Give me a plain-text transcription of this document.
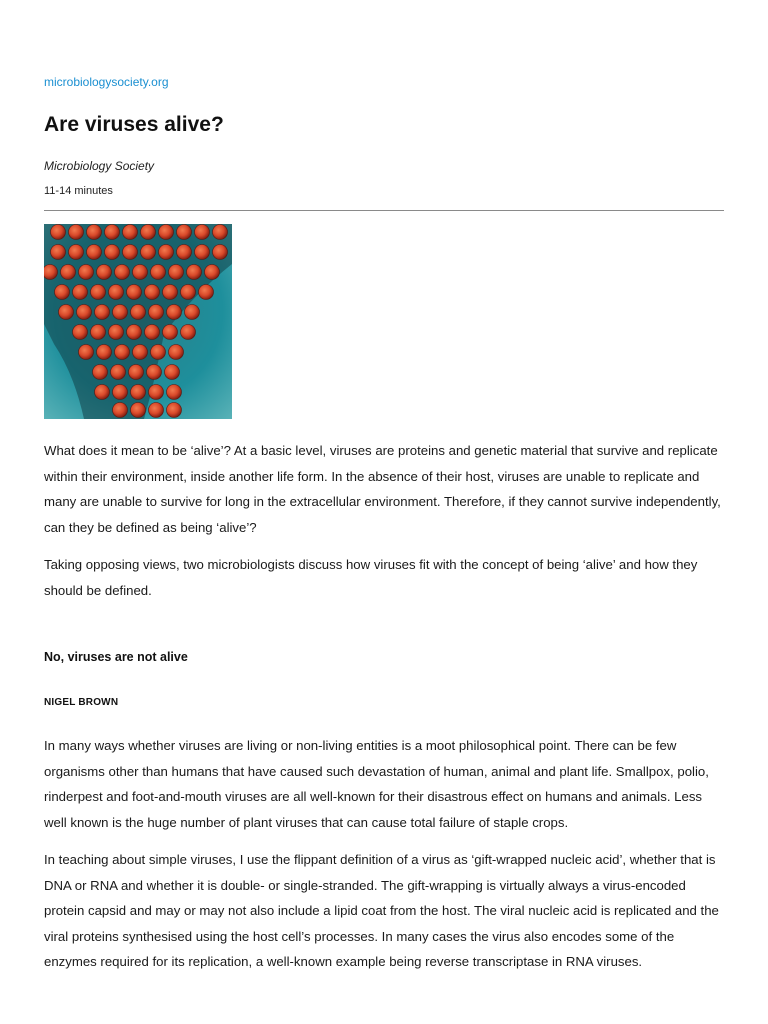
microbiologysociety.org
Are viruses alive?
Microbiology Society
11-14 minutes

What does it mean to be ‘alive’? At a basic level, viruses are proteins and genetic material that survive and replicate within their environment, inside another life form. In the absence of their host, viruses are unable to replicate and many are unable to survive for long in the extracellular environment. Therefore, if they cannot survive independently, can they be defined as being ‘alive’?

Taking opposing views, two microbiologists discuss how viruses fit with the concept of being ‘alive’ and how they should be defined.

No, viruses are not alive
NIGEL BROWN

In many ways whether viruses are living or non-living entities is a moot philosophical point. There can be few organisms other than humans that have caused such devastation of human, animal and plant life. Smallpox, polio, rinderpest and foot-and-mouth viruses are all well-known for their disastrous effect on humans and animals. Less well known is the huge number of plant viruses that can cause total failure of staple crops.

In teaching about simple viruses, I use the flippant definition of a virus as ‘gift-wrapped nucleic acid’, whether that is DNA or RNA and whether it is double- or single-stranded. The gift-wrapping is virtually always a virus-encoded protein capsid and may or may not also include a lipid coat from the host. The viral nucleic acid is replicated and the viral proteins synthesised using the host cell’s processes. In many cases the virus also encodes some of the enzymes required for its replication, a well-known example being reverse transcriptase in RNA viruses.
